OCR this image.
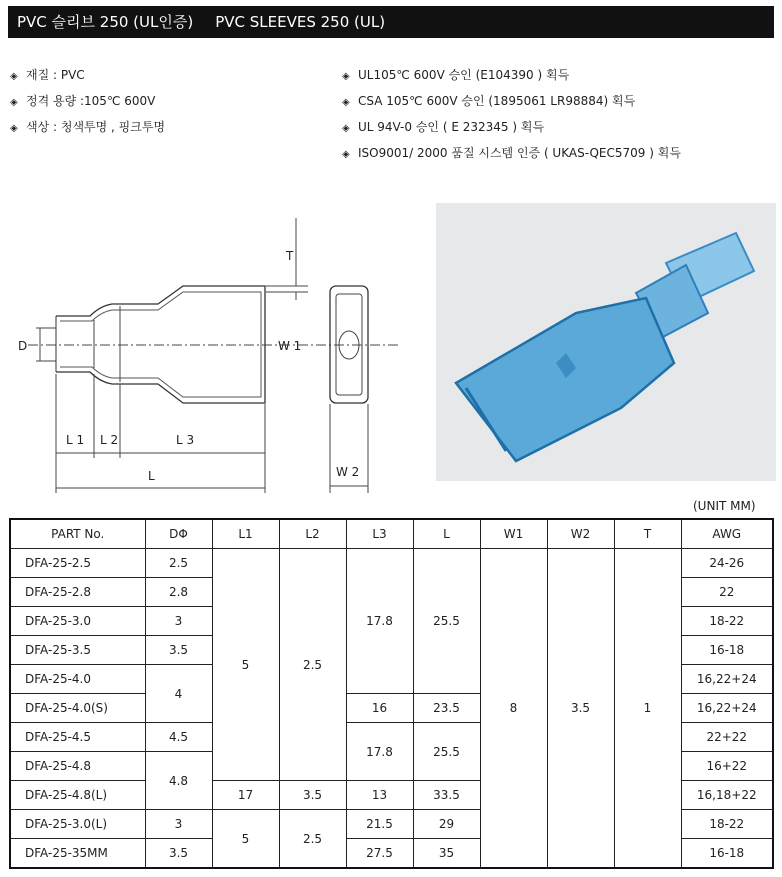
PVC 슬리브 250 (UL인증) PVC SLEEVES 250 (UL)
◈ 재질 : PVC
◈ 정격 용량 :105℃ 600V
◈ 색상 : 청색투명 , 핑크투명
◈ UL105℃ 600V 승인 (E104390 ) 획득
◈ CSA 105℃ 600V 승인 (1895061 LR98884) 획득
◈ UL 94V-0 승인 ( E 232345 ) 획득
◈ ISO9001/ 2000 품질 시스템 인증 ( UKAS-QEC5709 ) 획득
D
T
W 1
L 1 L 2	L 3
L	W 2
(UNIT MM)
PART No.	DΦ	L1	L2	L3	L	W1	W2	T	AWG
DFA-25-2.5	2.5	5	2.5	17.8	25.5	8	3.5	1	24-26
DFA-25-2.8	2.8								22
DFA-25-3.0	3								18-22
DFA-25-3.5	3.5								16-18
DFA-25-4.0	4								16,22+24
DFA-25-4.0(S)				16	23.5				16,22+24
DFA-25-4.5	4.5			17.8	25.5				22+22
DFA-25-4.8	4.8								16+22
DFA-25-4.8(L)		17	3.5	13	33.5				16,18+22
DFA-25-3.0(L)	3	5	2.5	21.5	29				18-22
DFA-25-35MM	3.5			27.5	35				16-18
